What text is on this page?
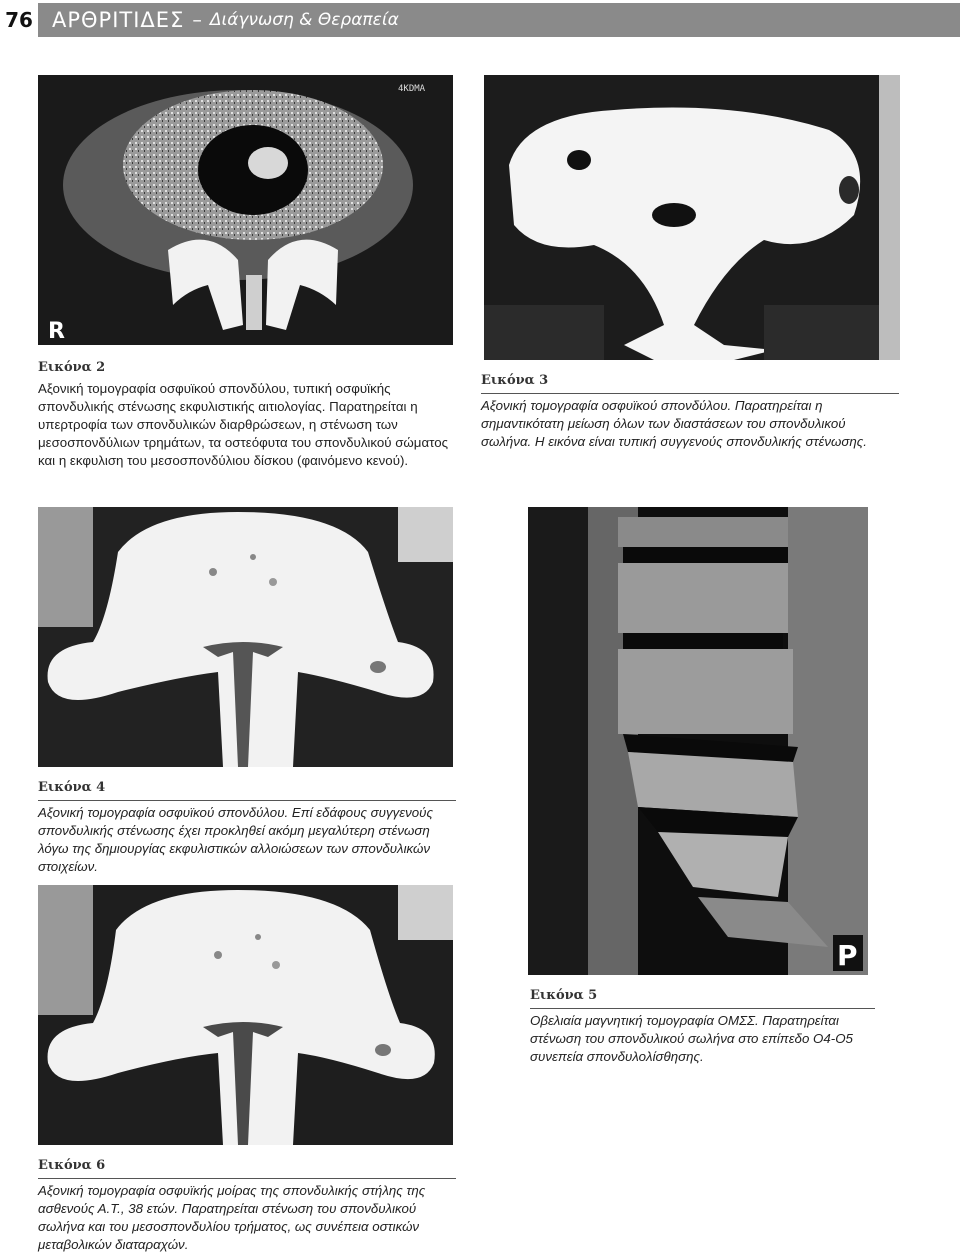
76 ΑΡΘΡΙΤΙΔΕΣ – Διάγνωση & Θεραπεία
R
4KDMA
Εικόνα 2
Αξονική τομογραφία οσφυϊκού σπονδύλου, τυπική οσφυϊκής σπονδυλικής στένωσης εκφυλιστικής αιτιολογίας. Παρατηρείται η υπερτροφία των σπονδυλικών διαρθρώσεων, η στένωση των μεσοσπονδύλιων τρημάτων, τα οστεόφυτα του σπονδυλικού σώματος και η εκφυλιση του μεσοσπονδύλιου δίσκου (φαινόμενο κενού).
Εικόνα 3
Αξονική τομογραφία οσφυϊκού σπονδύλου. Παρατηρείται η σημαντικότατη μείωση όλων των διαστάσεων του σπονδυλικού σωλήνα. Η εικόνα είναι τυπική συγγενούς σπονδυλικής στένωσης.
Εικόνα 4
Αξονική τομογραφία οσφυϊκού σπονδύλου. Επί εδάφους συγγενούς σπονδυλικής στένωσης έχει προκληθεί ακόμη μεγαλύτερη στένωση λόγω της δημιουργίας εκφυλιστικών αλλοιώσεων των σπονδυλικών στοιχείων.
P
Εικόνα 5
Οβελιαία μαγνητική τομογραφία ΟΜΣΣ. Παρατηρείται στένωση του σπονδυλικού σωλήνα στο επίπεδο Ο4-Ο5 συνεπεία σπονδυλολίσθησης.
Εικόνα 6
Αξονική τομογραφία οσφυϊκής μοίρας της σπονδυλικής στήλης της ασθενούς Α.Τ., 38 ετών. Παρατηρείται στένωση του σπονδυλικού σωλήνα και του μεσοσπονδυλίου τρήματος, ως συνέπεια οστικών μεταβολικών διαταραχών.
